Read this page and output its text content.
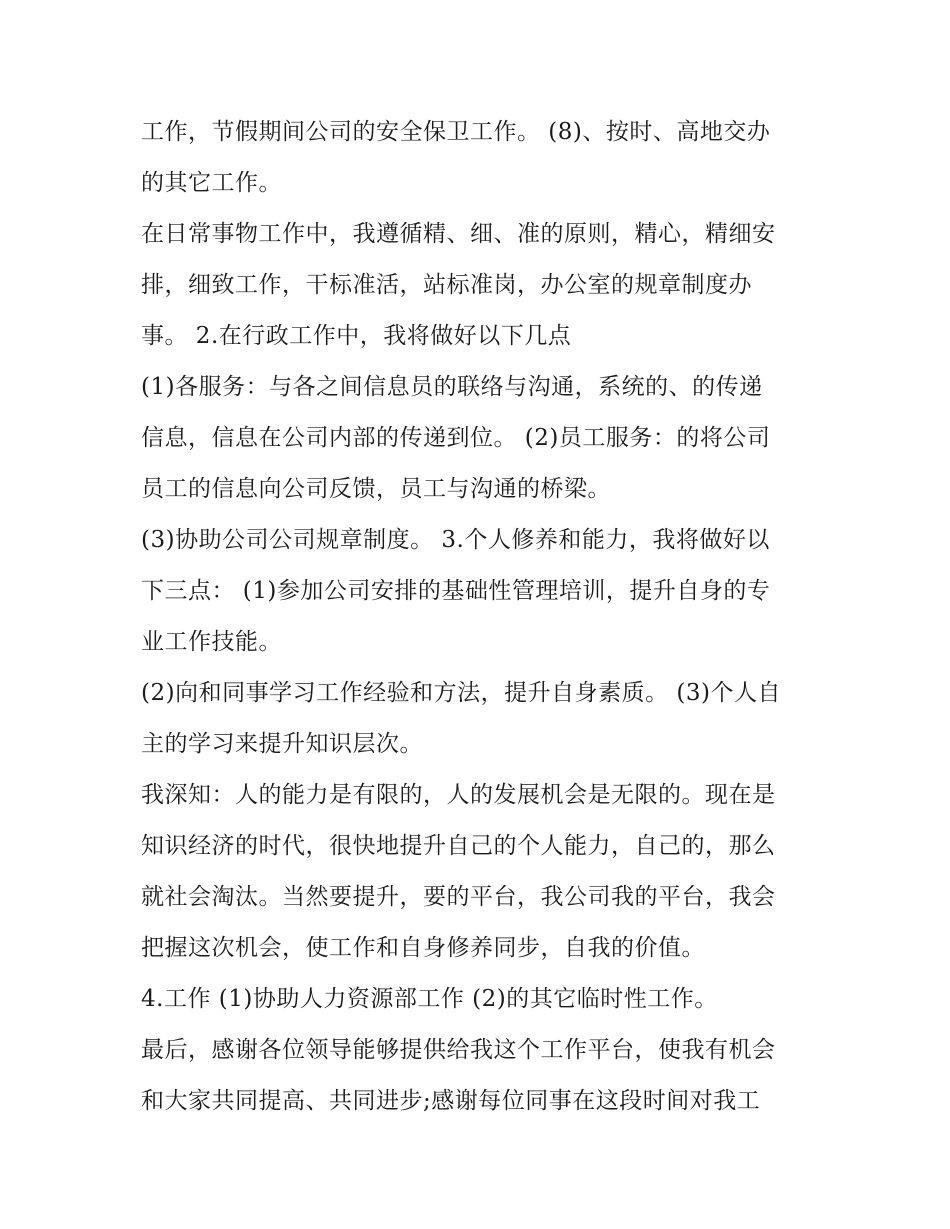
工作，节假期间公司的安全保卫工作。 (8)、按时、高地交办
的其它工作。
在日常事物工作中，我遵循精、细、准的原则，精心，精细安
排，细致工作，干标准活，站标准岗，办公室的规章制度办
事。 2.在行政工作中，我将做好以下几点
(1)各服务：与各之间信息员的联络与沟通，系统的、的传递
信息，信息在公司内部的传递到位。 (2)员工服务：的将公司
员工的信息向公司反馈，员工与沟通的桥梁。
(3)协助公司公司规章制度。 3.个人修养和能力，我将做好以
下三点： (1)参加公司安排的基础性管理培训，提升自身的专
业工作技能。
(2)向和同事学习工作经验和方法，提升自身素质。 (3)个人自
主的学习来提升知识层次。
我深知：人的能力是有限的，人的发展机会是无限的。现在是
知识经济的时代，很快地提升自己的个人能力，自己的，那么
就社会淘汰。当然要提升，要的平台，我公司我的平台，我会
把握这次机会，使工作和自身修养同步，自我的价值。
4.工作 (1)协助人力资源部工作 (2)的其它临时性工作。
最后，感谢各位领导能够提供给我这个工作平台，使我有机会
和大家共同提高、共同进步;感谢每位同事在这段时间对我工
